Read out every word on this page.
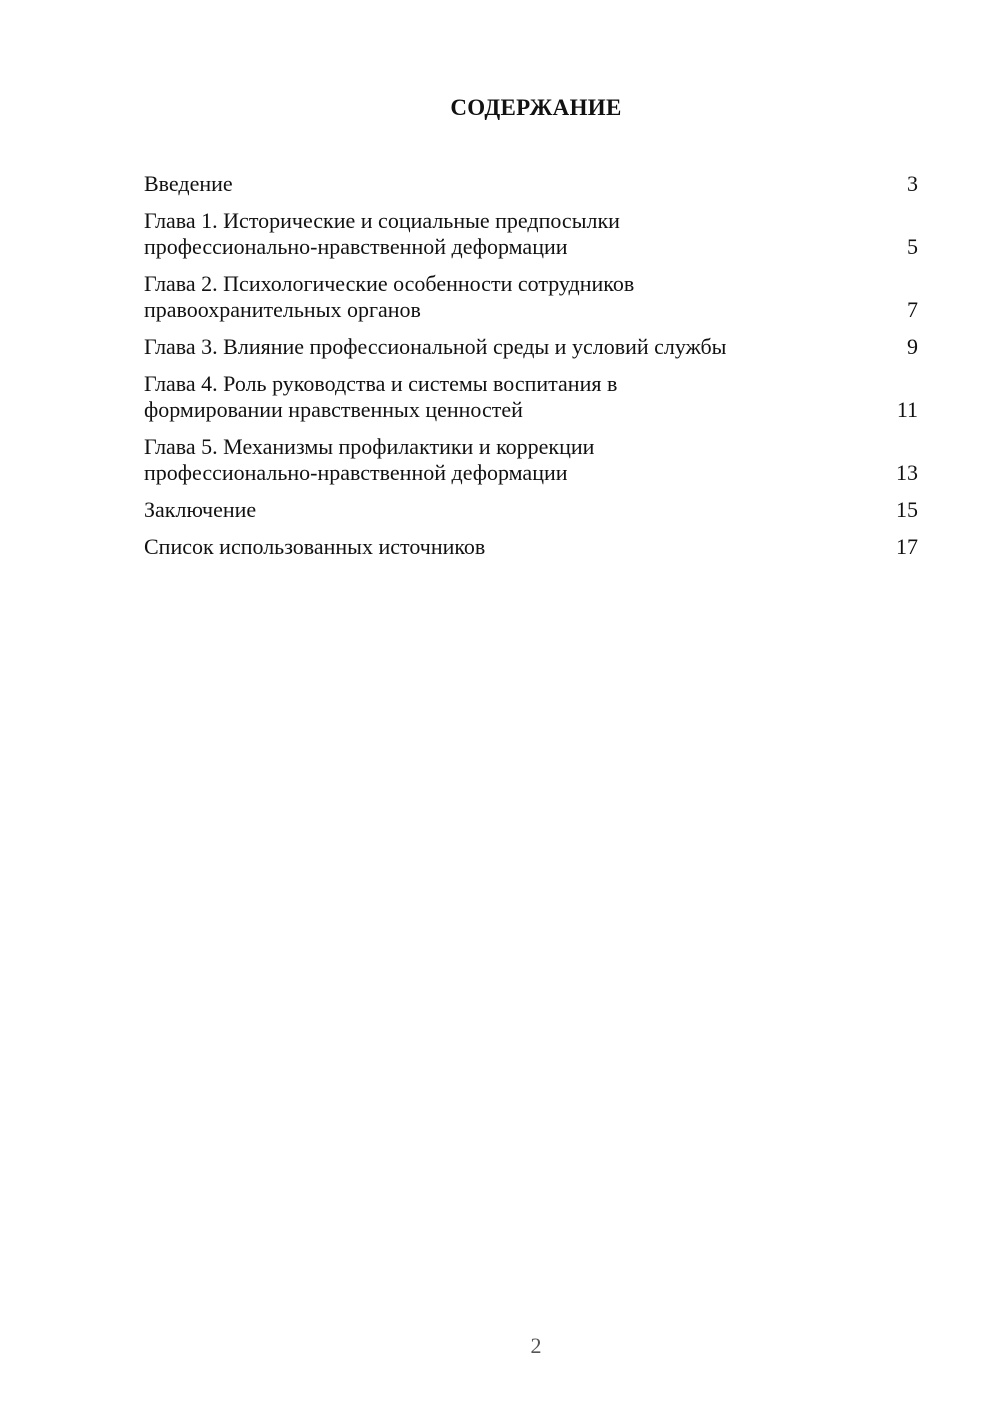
СОДЕРЖАНИЕ
Введение	3
Глава 1. Исторические и социальные предпосылки
профессионально-нравственной деформации	5
Глава 2. Психологические особенности сотрудников
правоохранительных органов	7
Глава 3. Влияние профессиональной среды и условий службы	9
Глава 4. Роль руководства и системы воспитания в
формировании нравственных ценностей	11
Глава 5. Механизмы профилактики и коррекции
профессионально-нравственной деформации	13
Заключение	15
Список использованных источников	17
2
